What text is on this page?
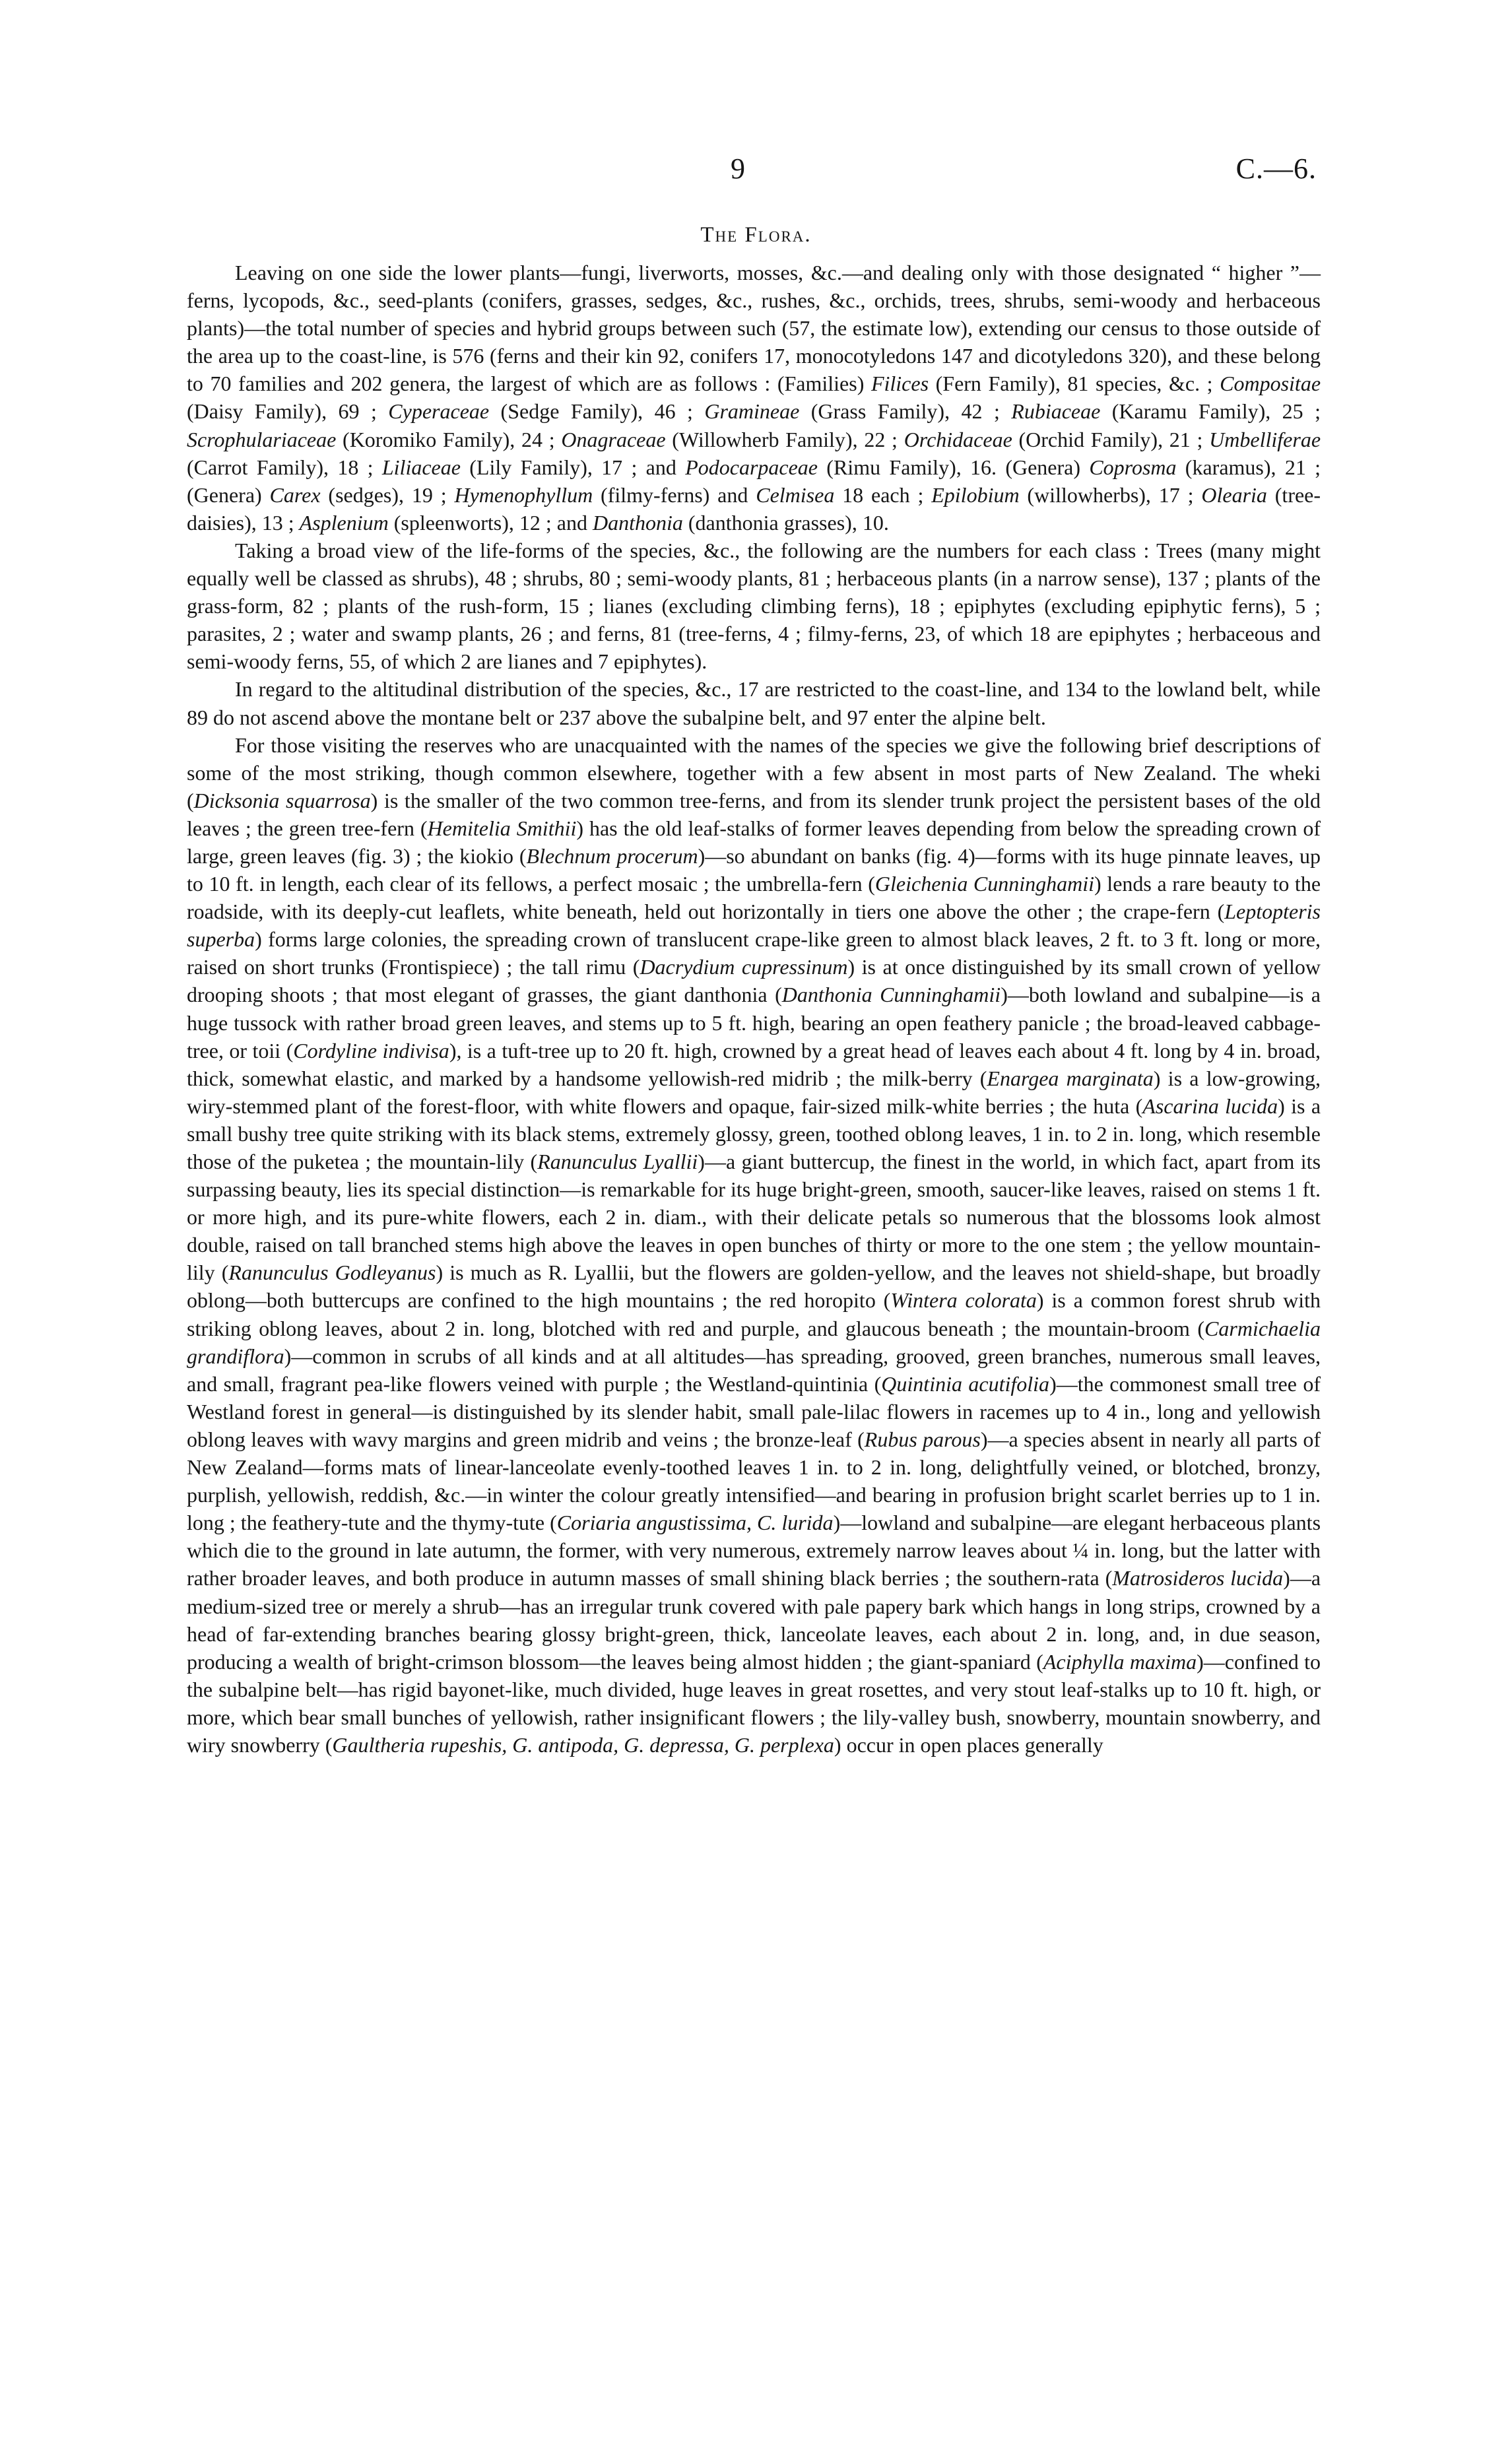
9	C.—6.
The Flora.

Leaving on one side the lower plants—fungi, liverworts, mosses, &c.—and dealing only with those designated “ higher ”—ferns, lycopods, &c., seed-plants (conifers, grasses, sedges, &c., rushes, &c., orchids, trees, shrubs, semi-woody and herbaceous plants)—the total number of species and hybrid groups between such (57, the estimate low), extending our census to those outside of the area up to the coast-line, is 576 (ferns and their kin 92, conifers 17, monocotyledons 147 and dicotyledons 320), and these belong to 70 families and 202 genera, the largest of which are as follows : (Families) Filices (Fern Family), 81 species, &c. ; Compositae (Daisy Family), 69 ; Cyperaceae (Sedge Family), 46 ; Gramineae (Grass Family), 42 ; Rubiaceae (Karamu Family), 25 ; Scrophulariaceae (Koromiko Family), 24 ; Onagraceae (Willowherb Family), 22 ; Orchidaceae (Orchid Family), 21 ; Umbelliferae (Carrot Family), 18 ; Liliaceae (Lily Family), 17 ; and Podocarpaceae (Rimu Family), 16. (Genera) Coprosma (karamus), 21 ; (Genera) Carex (sedges), 19 ; Hymenophyllum (filmy-ferns) and Celmisea 18 each ; Epilobium (willowherbs), 17 ; Olearia (tree-daisies), 13 ; Asplenium (spleenworts), 12 ; and Danthonia (danthonia grasses), 10.

Taking a broad view of the life-forms of the species, &c., the following are the numbers for each class : Trees (many might equally well be classed as shrubs), 48 ; shrubs, 80 ; semi-woody plants, 81 ; herbaceous plants (in a narrow sense), 137 ; plants of the grass-form, 82 ; plants of the rush-form, 15 ; lianes (excluding climbing ferns), 18 ; epiphytes (excluding epiphytic ferns), 5 ; parasites, 2 ; water and swamp plants, 26 ; and ferns, 81 (tree-ferns, 4 ; filmy-ferns, 23, of which 18 are epiphytes ; herbaceous and semi-woody ferns, 55, of which 2 are lianes and 7 epiphytes).

In regard to the altitudinal distribution of the species, &c., 17 are restricted to the coast-line, and 134 to the lowland belt, while 89 do not ascend above the montane belt or 237 above the subalpine belt, and 97 enter the alpine belt.

For those visiting the reserves who are unacquainted with the names of the species we give the following brief descriptions of some of the most striking, though common elsewhere, together with a few absent in most parts of New Zealand. The wheki (Dicksonia squarrosa) is the smaller of the two common tree-ferns, and from its slender trunk project the persistent bases of the old leaves ; the green tree-fern (Hemitelia Smithii) has the old leaf-stalks of former leaves depending from below the spreading crown of large, green leaves (fig. 3) ; the kiokio (Blechnum procerum)—so abundant on banks (fig. 4)—forms with its huge pinnate leaves, up to 10 ft. in length, each clear of its fellows, a perfect mosaic ; the umbrella-fern (Gleichenia Cunninghamii) lends a rare beauty to the roadside, with its deeply-cut leaflets, white beneath, held out horizontally in tiers one above the other ; the crape-fern (Leptopteris superba) forms large colonies, the spreading crown of translucent crape-like green to almost black leaves, 2 ft. to 3 ft. long or more, raised on short trunks (Frontispiece) ; the tall rimu (Dacrydium cupressinum) is at once distinguished by its small crown of yellow drooping shoots ; that most elegant of grasses, the giant danthonia (Danthonia Cunninghamii)—both lowland and subalpine—is a huge tussock with rather broad green leaves, and stems up to 5 ft. high, bearing an open feathery panicle ; the broad-leaved cabbage-tree, or toii (Cordyline indivisa), is a tuft-tree up to 20 ft. high, crowned by a great head of leaves each about 4 ft. long by 4 in. broad, thick, somewhat elastic, and marked by a handsome yellowish-red midrib ; the milk-berry (Enargea marginata) is a low-growing, wiry-stemmed plant of the forest-floor, with white flowers and opaque, fair-sized milk-white berries ; the huta (Ascarina lucida) is a small bushy tree quite striking with its black stems, extremely glossy, green, toothed oblong leaves, 1 in. to 2 in. long, which resemble those of the puketea ; the mountain-lily (Ranunculus Lyallii)—a giant buttercup, the finest in the world, in which fact, apart from its surpassing beauty, lies its special distinction—is remarkable for its huge bright-green, smooth, saucer-like leaves, raised on stems 1 ft. or more high, and its pure-white flowers, each 2 in. diam., with their delicate petals so numerous that the blossoms look almost double, raised on tall branched stems high above the leaves in open bunches of thirty or more to the one stem ; the yellow mountain-lily (Ranunculus Godleyanus) is much as R. Lyallii, but the flowers are golden-yellow, and the leaves not shield-shape, but broadly oblong—both buttercups are confined to the high mountains ; the red horopito (Wintera colorata) is a common forest shrub with striking oblong leaves, about 2 in. long, blotched with red and purple, and glaucous beneath ; the mountain-broom (Carmichaelia grandiflora)—common in scrubs of all kinds and at all altitudes—has spreading, grooved, green branches, numerous small leaves, and small, fragrant pea-like flowers veined with purple ; the Westland-quintinia (Quintinia acutifolia)—the commonest small tree of Westland forest in general—is distinguished by its slender habit, small pale-lilac flowers in racemes up to 4 in., long and yellowish oblong leaves with wavy margins and green midrib and veins ; the bronze-leaf (Rubus parous)—a species absent in nearly all parts of New Zealand—forms mats of linear-lanceolate evenly-toothed leaves 1 in. to 2 in. long, delightfully veined, or blotched, bronzy, purplish, yellowish, reddish, &c.—in winter the colour greatly intensified—and bearing in profusion bright scarlet berries up to 1 in. long ; the feathery-tute and the thymy-tute (Coriaria angustissima, C. lurida)—lowland and subalpine—are elegant herbaceous plants which die to the ground in late autumn, the former, with very numerous, extremely narrow leaves about ¼ in. long, but the latter with rather broader leaves, and both produce in autumn masses of small shining black berries ; the southern-rata (Matrosideros lucida)—a medium-sized tree or merely a shrub—has an irregular trunk covered with pale papery bark which hangs in long strips, crowned by a head of far-extending branches bearing glossy bright-green, thick, lanceolate leaves, each about 2 in. long, and, in due season, producing a wealth of bright-crimson blossom—the leaves being almost hidden ; the giant-spaniard (Aciphylla maxima)—confined to the subalpine belt—has rigid bayonet-like, much divided, huge leaves in great rosettes, and very stout leaf-stalks up to 10 ft. high, or more, which bear small bunches of yellowish, rather insignificant flowers ; the lily-valley bush, snowberry, mountain snowberry, and wiry snowberry (Gaultheria rupeshis, G. antipoda, G. depressa, G. perplexa) occur in open places generally
